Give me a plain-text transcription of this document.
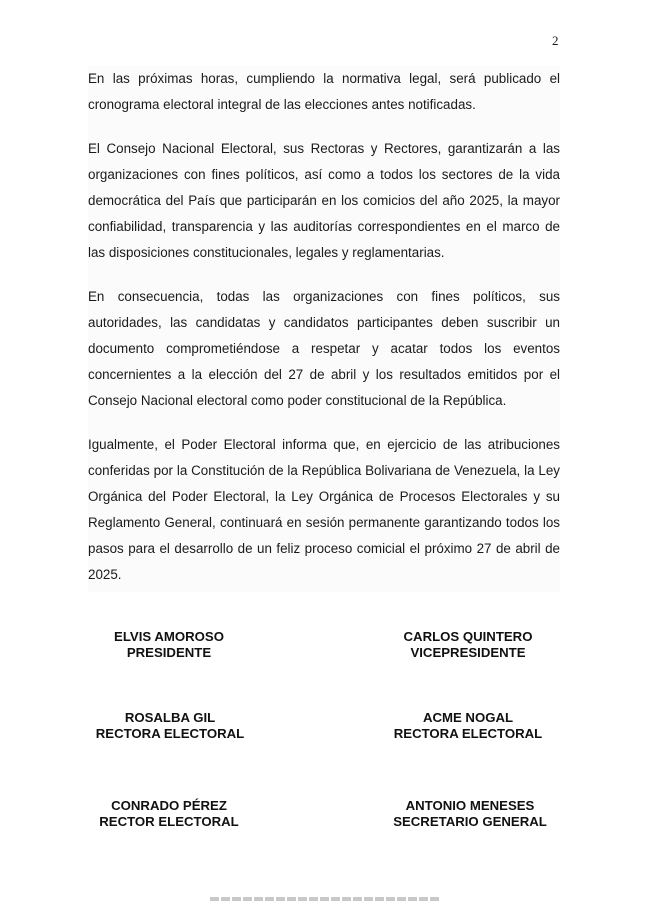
2

En las próximas horas, cumpliendo la normativa legal, será publicado el cronograma electoral integral de las elecciones antes notificadas.

El Consejo Nacional Electoral, sus Rectoras y Rectores, garantizarán a las organizaciones con fines políticos, así como a todos los sectores de la vida democrática del País que participarán en los comicios del año 2025, la mayor confiabilidad, transparencia y las auditorías correspondientes en el marco de las disposiciones constitucionales, legales y reglamentarias.

En consecuencia, todas las organizaciones con fines políticos, sus autoridades, las candidatas y candidatos participantes deben suscribir un documento comprometiéndose a respetar y acatar todos los eventos concernientes a la elección del 27 de abril y los resultados emitidos por el Consejo Nacional electoral como poder constitucional de la República.

Igualmente, el Poder Electoral informa que, en ejercicio de las atribuciones conferidas por la Constitución de la República Bolivariana de Venezuela, la Ley Orgánica del Poder Electoral, la Ley Orgánica de Procesos Electorales y su Reglamento General, continuará en sesión permanente garantizando todos los pasos para el desarrollo de un feliz proceso comicial el próximo 27 de abril de 2025.

ELVIS AMOROSO
PRESIDENTE
CARLOS QUINTERO
VICEPRESIDENTE
ROSALBA GIL
RECTORA ELECTORAL
ACME NOGAL
RECTORA ELECTORAL
CONRADO PÉREZ
RECTOR ELECTORAL
ANTONIO MENESES
SECRETARIO GENERAL
